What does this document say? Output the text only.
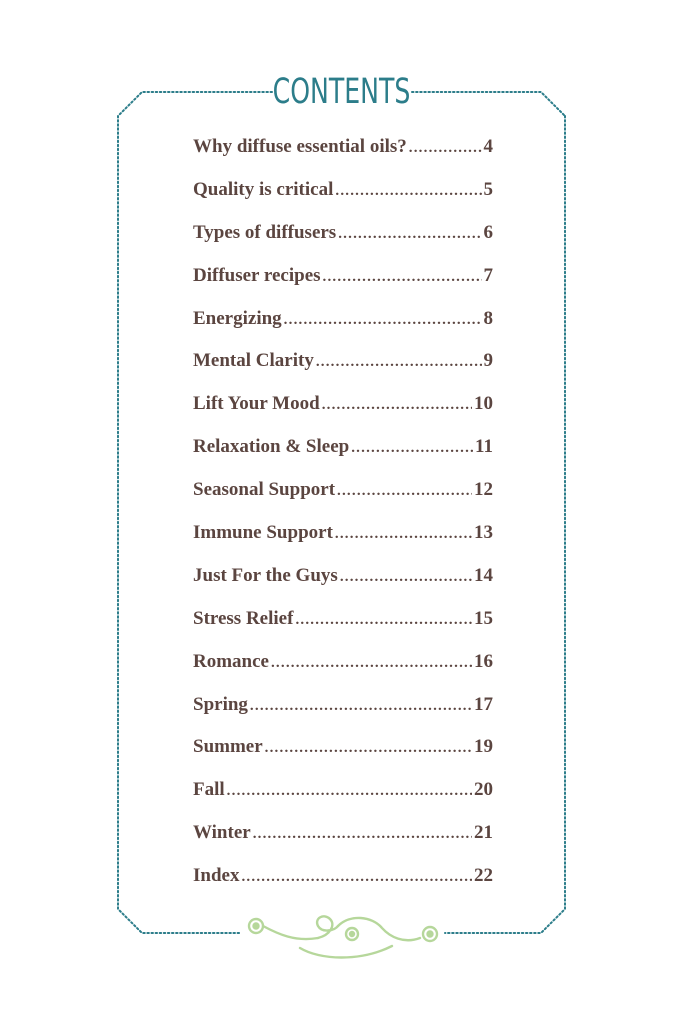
CONTENTS
Why diffuse essential oils? .....	4
Quality is critical .....	5
Types of diffusers .....	6
Diffuser recipes .....	7
Energizing .....	8
Mental Clarity .....	9
Lift Your Mood .....	10
Relaxation & Sleep .....	11
Seasonal Support .....	12
Immune Support .....	13
Just For the Guys .....	14
Stress Relief .....	15
Romance .....	16
Spring .....	17
Summer .....	19
Fall .....	20
Winter .....	21
Index .....	22
